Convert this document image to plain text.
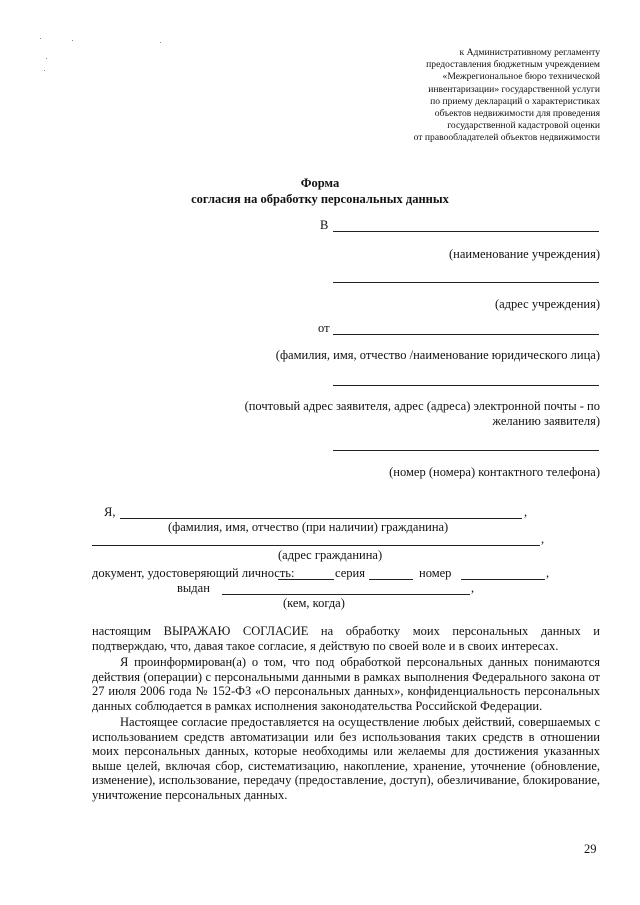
к Административному регламенту
предоставления бюджетным учреждением
«Межрегиональное бюро технической
инвентаризации» государственной услуги
по приему деклараций о характеристиках
объектов недвижимости для проведения
государственной кадастровой оценки
от правообладателей объектов недвижимости
Форма
согласия на обработку персональных данных
В
(наименование учреждения)
(адрес учреждения)
от
(фамилия, имя, отчество /наименование юридического лица)
(почтовый адрес заявителя, адрес (адреса) электронной почты - по
желанию заявителя)
(номер (номера) контактного телефона)
Я,	,
(фамилия, имя, отчество (при наличии) гражданина)
,
(адрес гражданина)
документ, удостоверяющий личность:	серия	номер	,
выдан	,
(кем, когда)
настоящим ВЫРАЖАЮ СОГЛАСИЕ на обработку моих персональных данных и подтверждаю, что, давая такое согласие, я действую по своей воле и в своих интересах.
Я проинформирован(а) о том, что под обработкой персональных данных понимаются действия (операции) с персональными данными в рамках выполнения Федерального закона от 27 июля 2006 года № 152-ФЗ «О персональных данных», конфиденциальность персональных данных соблюдается в рамках исполнения законодательства Российской Федерации.
Настоящее согласие предоставляется на осуществление любых действий, совершаемых с использованием средств автоматизации или без использования таких средств в отношении моих персональных данных, которые необходимы или желаемы для достижения указанных выше целей, включая сбор, систематизацию, накопление, хранение, уточнение (обновление, изменение), использование, передачу (предоставление, доступ), обезличивание, блокирование, уничтожение персональных данных.
29
